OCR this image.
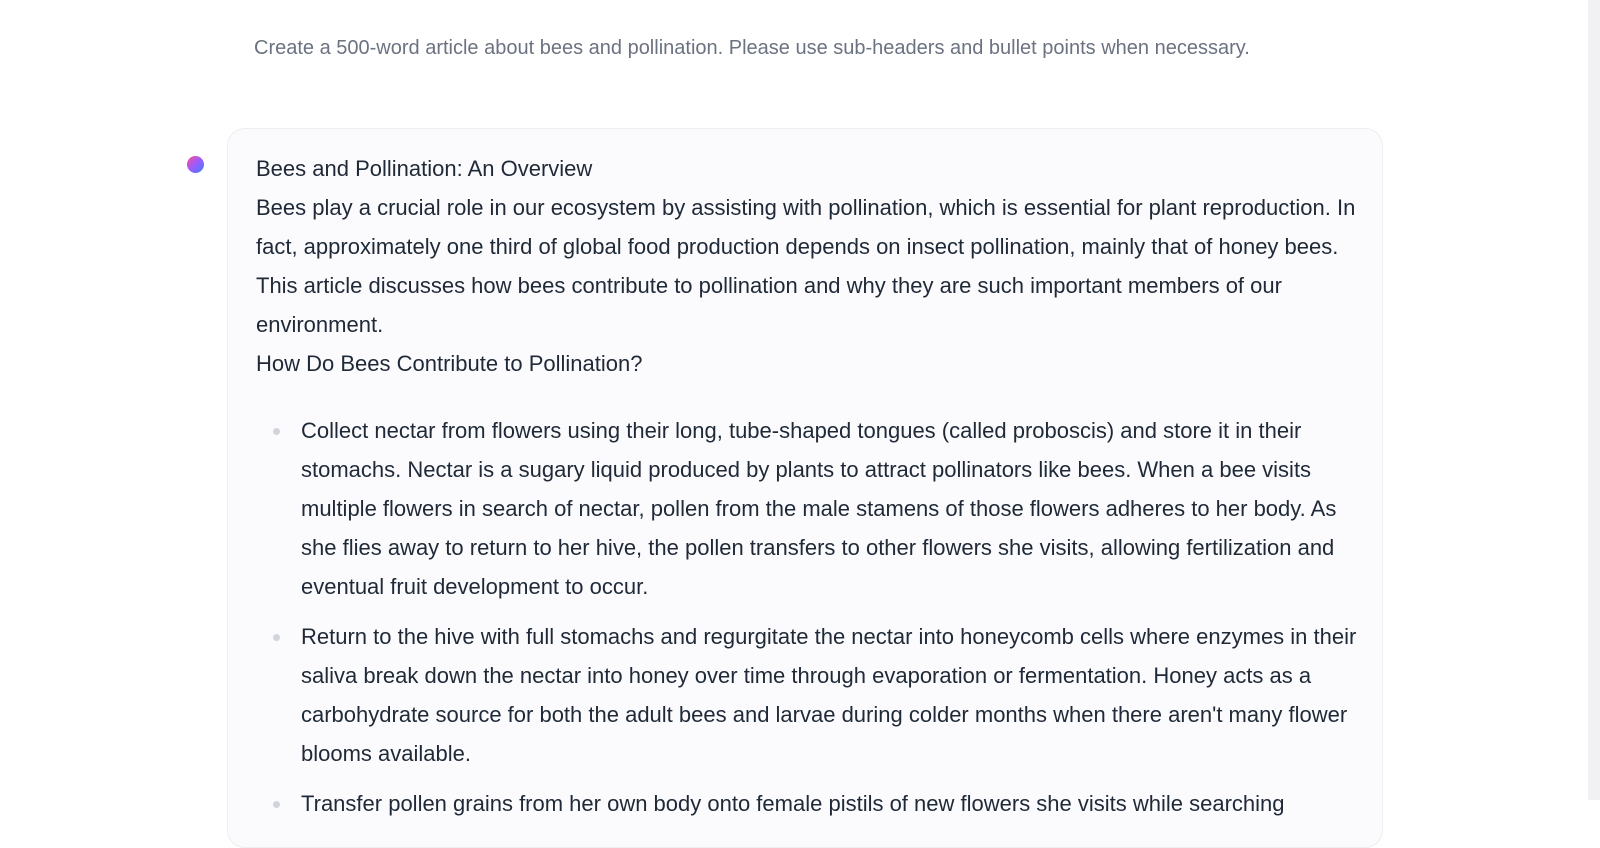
Create a 500-word article about bees and pollination. Please use sub-headers and bullet points when necessary.

Bees and Pollination: An Overview

Bees play a crucial role in our ecosystem by assisting with pollination, which is essential for plant reproduction. In fact, approximately one third of global food production depends on insect pollination, mainly that of honey bees. This article discusses how bees contribute to pollination and why they are such important members of our environment.

How Do Bees Contribute to Pollination?

Collect nectar from flowers using their long, tube-shaped tongues (called proboscis) and store it in their stomachs. Nectar is a sugary liquid produced by plants to attract pollinators like bees. When a bee visits multiple flowers in search of nectar, pollen from the male stamens of those flowers adheres to her body. As she flies away to return to her hive, the pollen transfers to other flowers she visits, allowing fertilization and eventual fruit development to occur.
Return to the hive with full stomachs and regurgitate the nectar into honeycomb cells where enzymes in their saliva break down the nectar into honey over time through evaporation or fermentation. Honey acts as a carbohydrate source for both the adult bees and larvae during colder months when there aren't many flower blooms available.
Transfer pollen grains from her own body onto female pistils of new flowers she visits while searching
